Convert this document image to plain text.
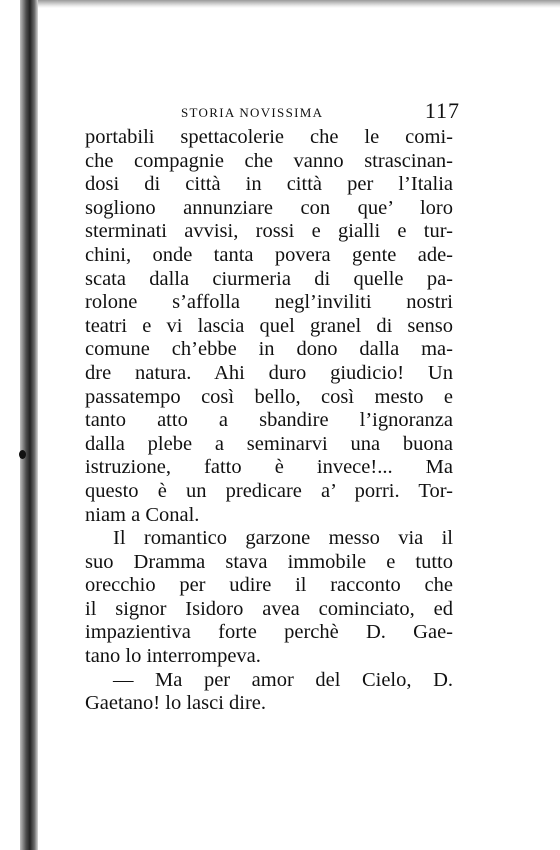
STORIA NOVISSIMA	117
portabili spettacolerie che le comi-
che compagnie che vanno strascinan-
dosi di città in città per l’Italia
sogliono annunziare con que’ loro
sterminati avvisi, rossi e gialli e tur-
chini, onde tanta povera gente ade-
scata dalla ciurmeria di quelle pa-
rolone s’affolla negl’inviliti nostri
teatri e vi lascia quel granel di senso
comune ch’ebbe in dono dalla ma-
dre natura. Ahi duro giudicio! Un
passatempo così bello, così mesto e
tanto atto a sbandire l’ignoranza
dalla plebe a seminarvi una buona
istruzione, fatto è invece!... Ma
questo è un predicare a’ porri. Tor-
niam a Conal.
Il romantico garzone messo via il
suo Dramma stava immobile e tutto
orecchio per udire il racconto che
il signor Isidoro avea cominciato, ed
impazientiva forte perchè D. Gae-
tano lo interrompeva.
— Ma per amor del Cielo, D.
Gaetano! lo lasci dire.
